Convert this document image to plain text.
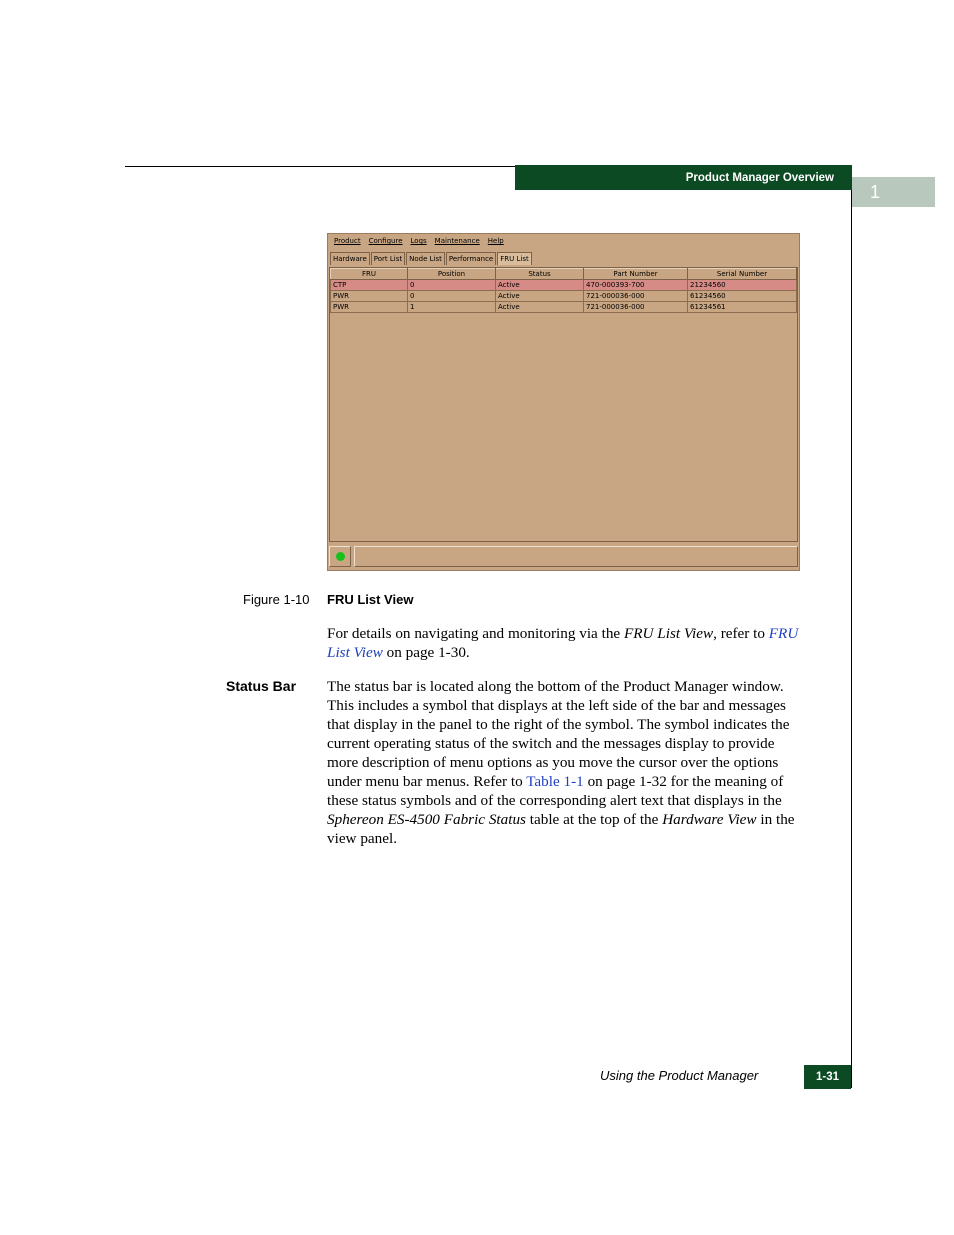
Product Manager Overview
1
Product	Configure	Logs	Maintenance	Help
Hardware	Port List	Node List	Performance	FRU List
FRU	Position	Status	Part Number	Serial Number
CTP	0	Active	470-000393-700	21234560
PWR	0	Active	721-000036-000	61234560
PWR	1	Active	721-000036-000	61234561
Figure 1-10 FRU List View
For details on navigating and monitoring via the FRU List View, refer to FRU List View on page 1-30.
Status Bar The status bar is located along the bottom of the Product Manager window. This includes a symbol that displays at the left side of the bar and messages that display in the panel to the right of the symbol. The symbol indicates the current operating status of the switch and the messages display to provide more description of menu options as you move the cursor over the options under menu bar menus. Refer to Table 1-1 on page 1-32 for the meaning of these status symbols and of the corresponding alert text that displays in the Sphereon ES-4500 Fabric Status table at the top of the Hardware View in the view panel.
Using the Product Manager	1-31
